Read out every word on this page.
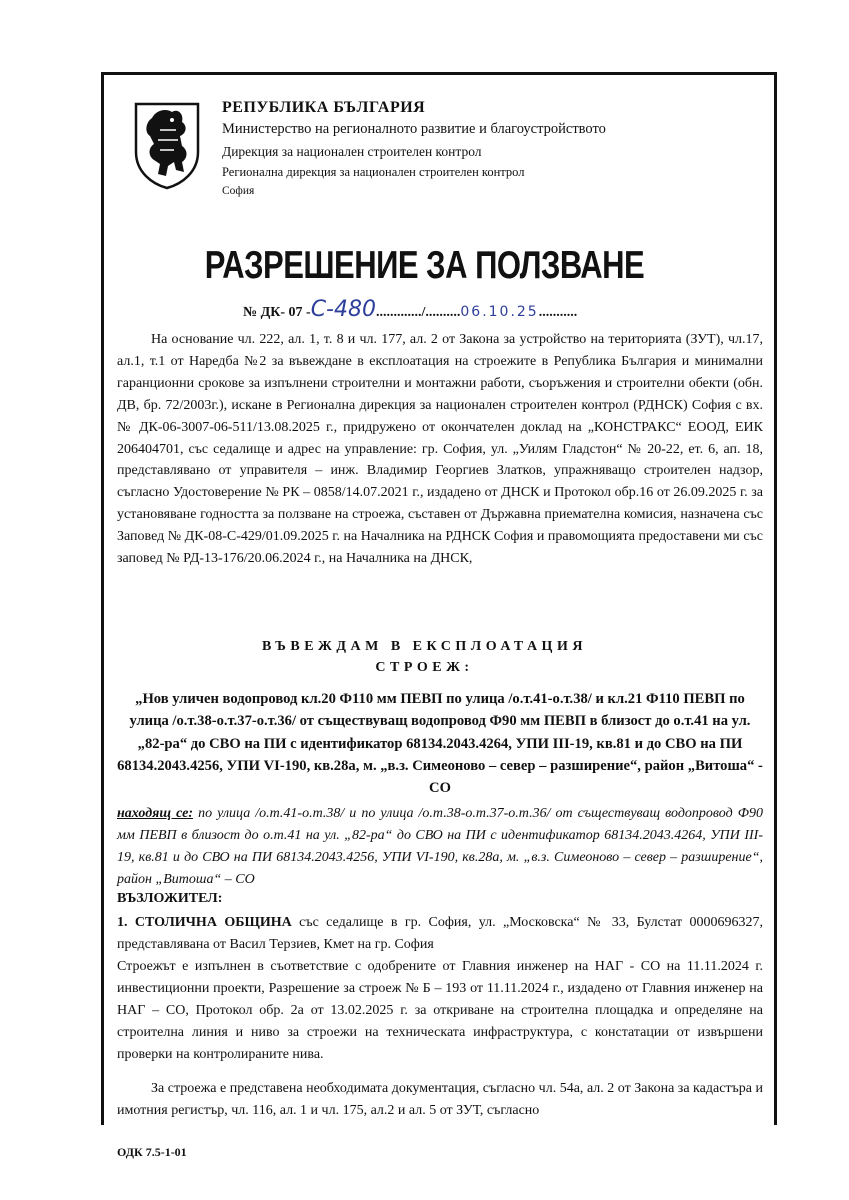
РЕПУБЛИКА БЪЛГАРИЯ
Министерство на регионалното развитие и благоустройството
Дирекция за национален строителен контрол
Регионална дирекция за национален строителен контрол
София
РАЗРЕШЕНИЕ ЗА ПОЛЗВАНЕ
№ ДК- 07 -С-480............./..........06.10.25...........

На основание чл. 222, ал. 1, т. 8 и чл. 177, ал. 2 от Закона за устройство на територията (ЗУТ), чл.17, ал.1, т.1 от Наредба №2 за въвеждане в експлоатация на строежите в Република България и минимални гаранционни срокове за изпълнени строителни и монтажни работи, съоръжения и строителни обекти (обн. ДВ, бр. 72/2003г.), искане в Регионална дирекция за национален строителен контрол (РДНСК) София с вх. № ДК-06-3007-06-511/13.08.2025 г., придружено от окончателен доклад на „КОНСТРАКС“ ЕООД, ЕИК 206404701, със седалище и адрес на управление: гр. София, ул. „Уилям Гладстон“ № 20-22, ет. 6, ап. 18, представлявано от управителя – инж. Владимир Георгиев Златков, упражняващо строителен надзор, съгласно Удостоверение № РК – 0858/14.07.2021 г., издадено от ДНСК и Протокол обр.16 от 26.09.2025 г. за установяване годността за ползване на строежа, съставен от Държавна приемателна комисия, назначена със Заповед № ДК-08-С-429/01.09.2025 г. на Началника на РДНСК София и правомощията предоставени ми със заповед № РД-13-176/20.06.2024 г., на Началника на ДНСК,

ВЪВЕЖДАМ В ЕКСПЛОАТАЦИЯ
СТРОЕЖ:

„Нов уличен водопровод кл.20 Ф110 мм ПЕВП по улица /о.т.41-о.т.38/ и кл.21 Ф110 ПЕВП по улица /о.т.38-о.т.37-о.т.36/ от съществуващ водопровод Ф90 мм ПЕВП в близост до о.т.41 на ул. „82-ра“ до СВО на ПИ с идентификатор 68134.2043.4264, УПИ III-19, кв.81 и до СВО на ПИ 68134.2043.4256, УПИ VI-190, кв.28а, м. „в.з. Симеоново – север – разширение“, район „Витоша“ - СО

находящ се: по улица /о.т.41-о.т.38/ и по улица /о.т.38-о.т.37-о.т.36/ от съществуващ водопровод Ф90 мм ПЕВП в близост до о.т.41 на ул. „82-ра“ до СВО на ПИ с идентификатор 68134.2043.4264, УПИ III-19, кв.81 и до СВО на ПИ 68134.2043.4256, УПИ VI-190, кв.28а, м. „в.з. Симеоново – север – разширение“, район „Витоша“ – СО

ВЪЗЛОЖИТЕЛ:

1. СТОЛИЧНА ОБЩИНА със седалище в гр. София, ул. „Московска“ № 33, Булстат 0000696327, представлявана от Васил Терзиев, Кмет на гр. София

Строежът е изпълнен в съответствие с одобрените от Главния инженер на НАГ - СО на 11.11.2024 г. инвестиционни проекти, Разрешение за строеж № Б – 193 от 11.11.2024 г., издадено от Главния инженер на НАГ – СО, Протокол обр. 2а от 13.02.2025 г. за откриване на строителна площадка и определяне на строителна линия и ниво за строежи на техническата инфраструктура, с констатации от извършени проверки на контролираните нива.

За строежа е представена необходимата документация, съгласно чл. 54а, ал. 2 от Закона за кадастъра и имотния регистър, чл. 116, ал. 1 и чл. 175, ал.2 и ал. 5 от ЗУТ, съгласно

ОДК 7.5-1-01
